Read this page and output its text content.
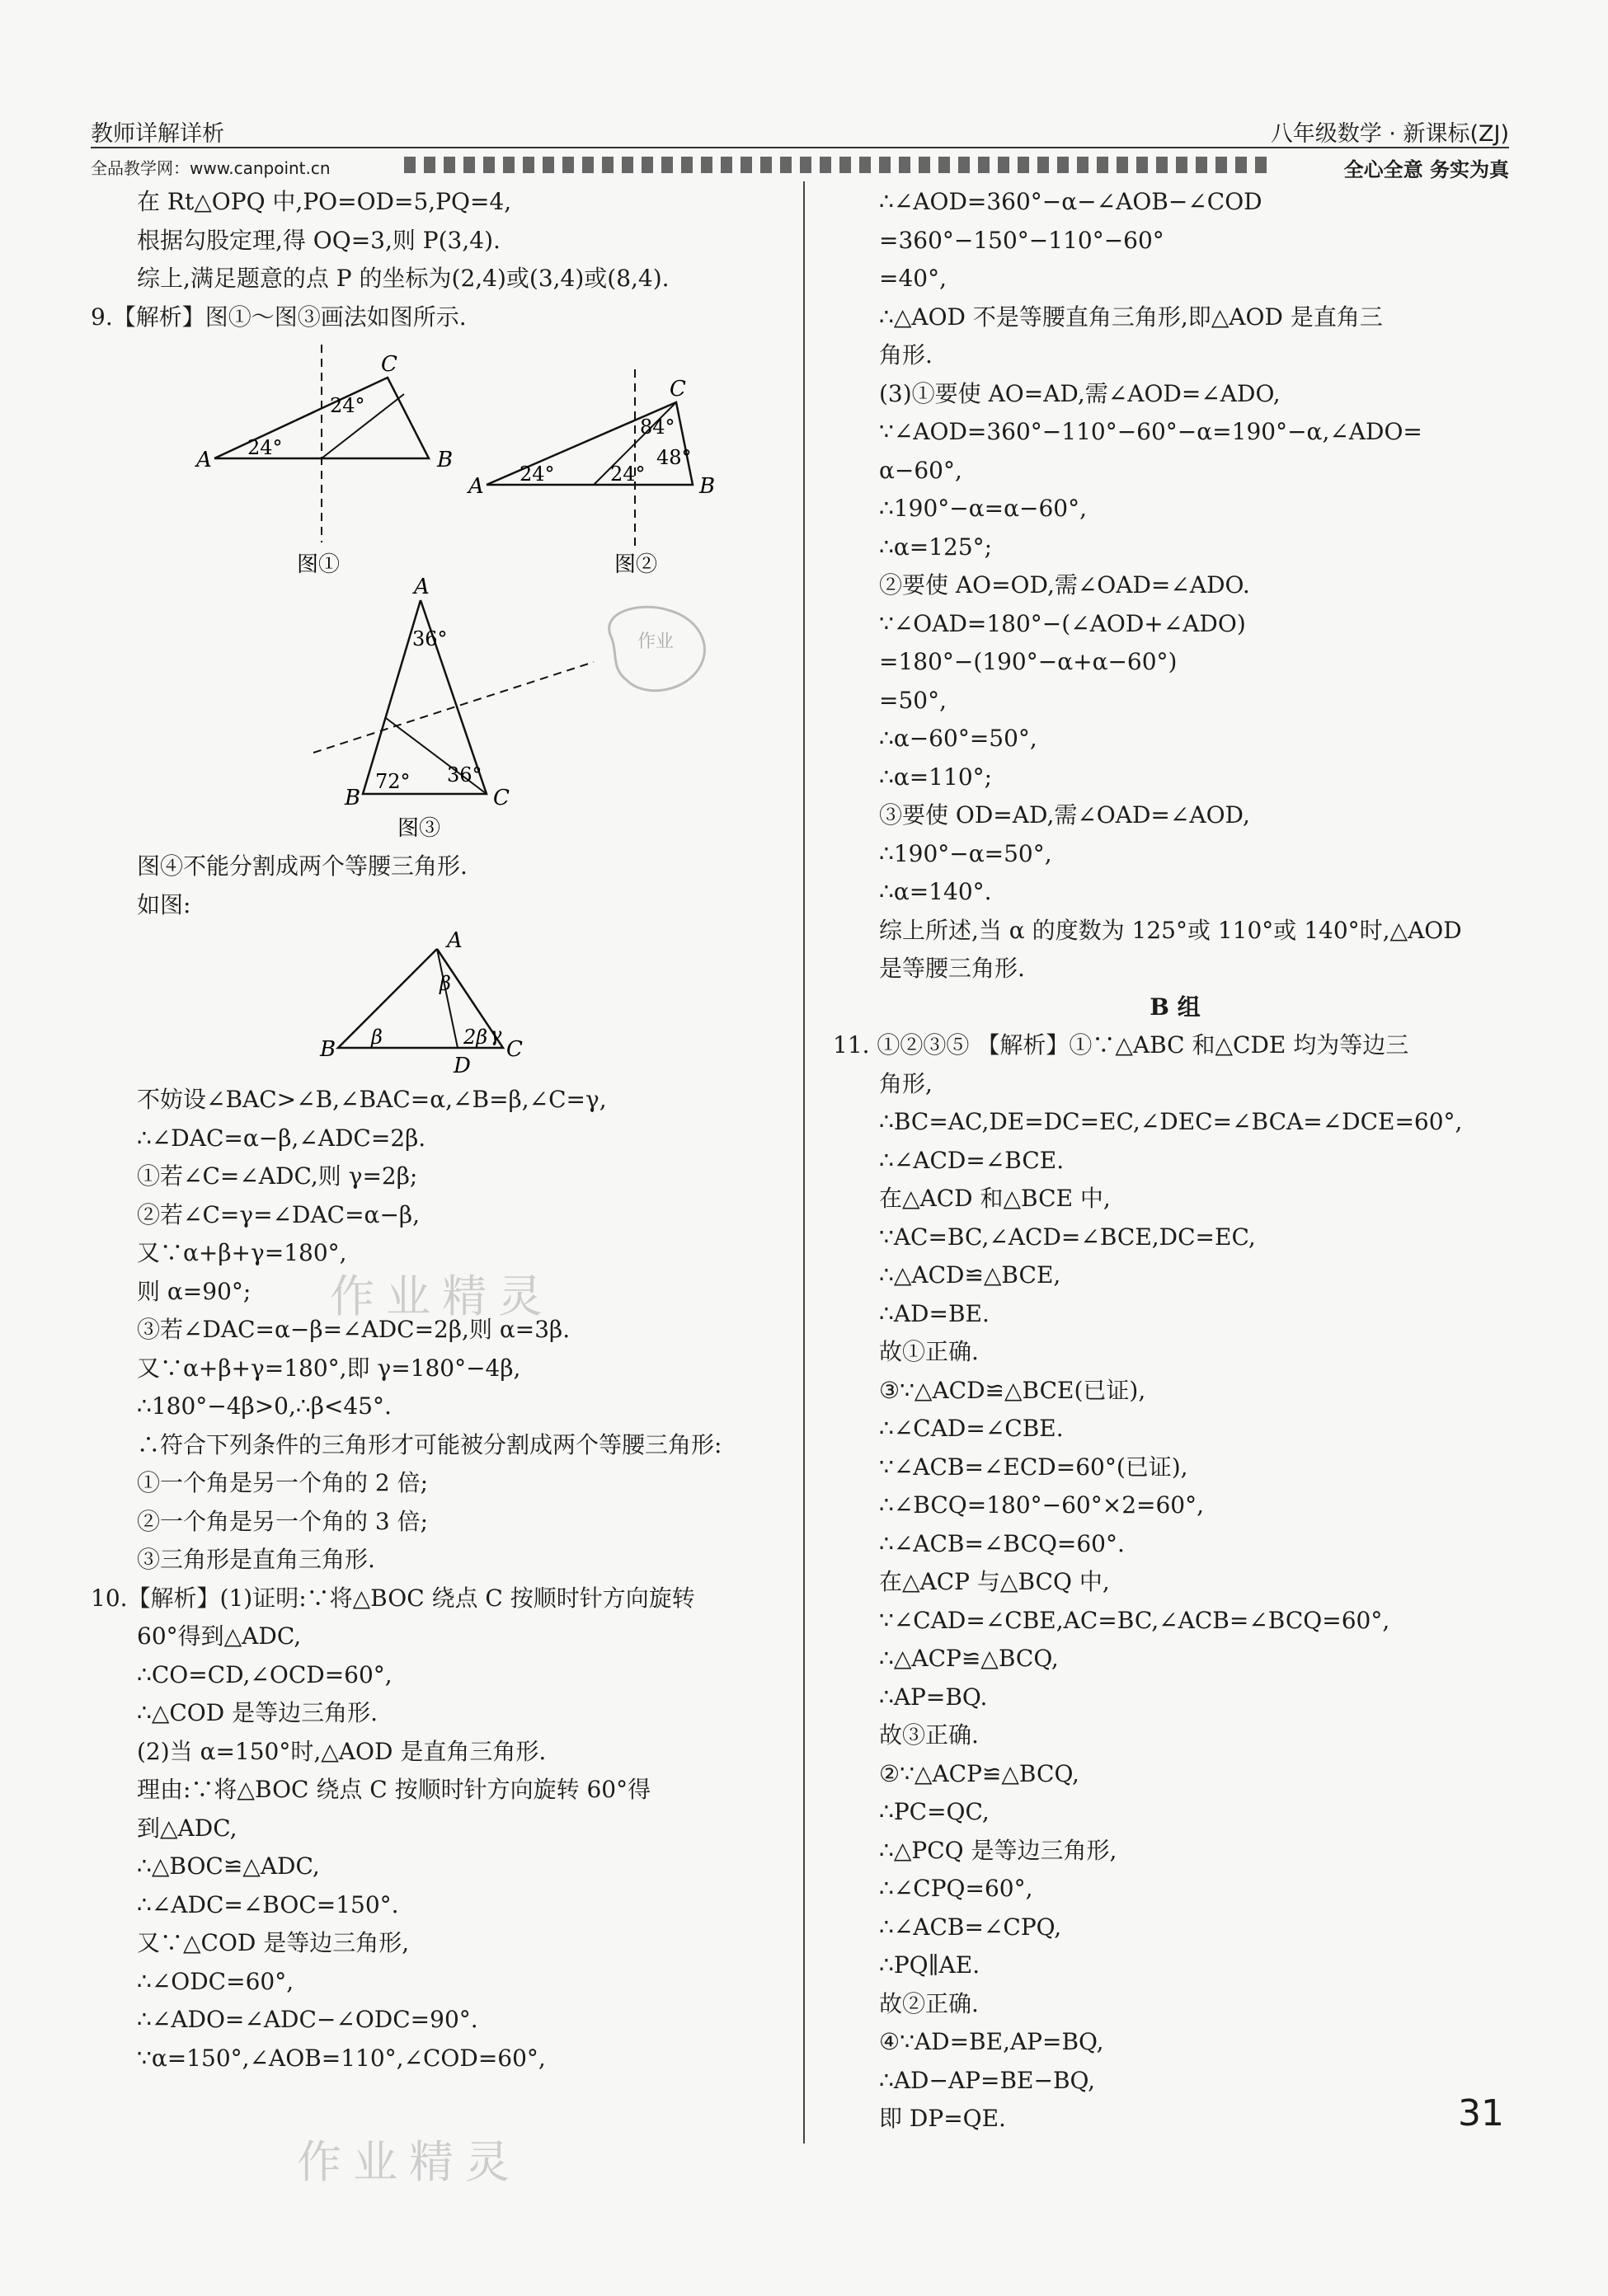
教师详解详析	八年级数学 · 新课标(ZJ)
全品教学网：www.canpoint.cn	全心全意 务实为真
在 Rt△OPQ 中,PO=OD=5,PQ=4,
根据勾股定理,得 OQ=3,则 P(3,4).
综上,满足题意的点 P 的坐标为(2,4)或(3,4)或(8,4).
9.【解析】图①～图③画法如图所示.
A	B
C
24°
24°
图①
A	B
C
24°	24°
84°
48°
图②
A
B	C
36°
36°
72°
图③
图④不能分割成两个等腰三角形.
如图:
A
B	C
D
β
β
2β γ
不妨设∠BAC>∠B,∠BAC=α,∠B=β,∠C=γ,
∴∠DAC=α−β,∠ADC=2β.
①若∠C=∠ADC,则 γ=2β;
②若∠C=γ=∠DAC=α−β,
又∵α+β+γ=180°,
则 α=90°;
③若∠DAC=α−β=∠ADC=2β,则 α=3β.
又∵α+β+γ=180°,即 γ=180°−4β,
∴180°−4β>0,∴β<45°.
∴符合下列条件的三角形才可能被分割成两个等腰三角形:
①一个角是另一个角的 2 倍;
②一个角是另一个角的 3 倍;
③三角形是直角三角形.
10.【解析】(1)证明:∵将△BOC 绕点 C 按顺时针方向旋转
60°得到△ADC,
∴CO=CD,∠OCD=60°,
∴△COD 是等边三角形.
(2)当 α=150°时,△AOD 是直角三角形.
理由:∵将△BOC 绕点 C 按顺时针方向旋转 60°得
到△ADC,
∴△BOC≌△ADC,
∴∠ADC=∠BOC=150°.
又∵△COD 是等边三角形,
∴∠ODC=60°,
∴∠ADO=∠ADC−∠ODC=90°.
∵α=150°,∠AOB=110°,∠COD=60°,
∴∠AOD=360°−α−∠AOB−∠COD
=360°−150°−110°−60°
=40°,
∴△AOD 不是等腰直角三角形,即△AOD 是直角三
角形.
(3)①要使 AO=AD,需∠AOD=∠ADO,
∵∠AOD=360°−110°−60°−α=190°−α,∠ADO=
α−60°,
∴190°−α=α−60°,
∴α=125°;
②要使 AO=OD,需∠OAD=∠ADO.
∵∠OAD=180°−(∠AOD+∠ADO)
=180°−(190°−α+α−60°)
=50°,
∴α−60°=50°,
∴α=110°;
③要使 OD=AD,需∠OAD=∠AOD,
∴190°−α=50°,
∴α=140°.
综上所述,当 α 的度数为 125°或 110°或 140°时,△AOD
是等腰三角形.
B 组
11. ①②③⑤ 【解析】①∵△ABC 和△CDE 均为等边三
角形,
∴BC=AC,DE=DC=EC,∠DEC=∠BCA=∠DCE=60°,
∴∠ACD=∠BCE.
在△ACD 和△BCE 中,
∵AC=BC,∠ACD=∠BCE,DC=EC,
∴△ACD≌△BCE,
∴AD=BE.
故①正确.
③∵△ACD≌△BCE(已证),
∴∠CAD=∠CBE.
∵∠ACB=∠ECD=60°(已证),
∴∠BCQ=180°−60°×2=60°,
∴∠ACB=∠BCQ=60°.
在△ACP 与△BCQ 中,
∵∠CAD=∠CBE,AC=BC,∠ACB=∠BCQ=60°,
∴△ACP≌△BCQ,
∴AP=BQ.
故③正确.
②∵△ACP≌△BCQ,
∴PC=QC,
∴△PCQ 是等边三角形,
∴∠CPQ=60°,
∴∠ACB=∠CPQ,
∴PQ∥AE.
故②正确.
④∵AD=BE,AP=BQ,
∴AD−AP=BE−BQ,
即 DP=QE.
作业
作业精灵
作业精灵
31
